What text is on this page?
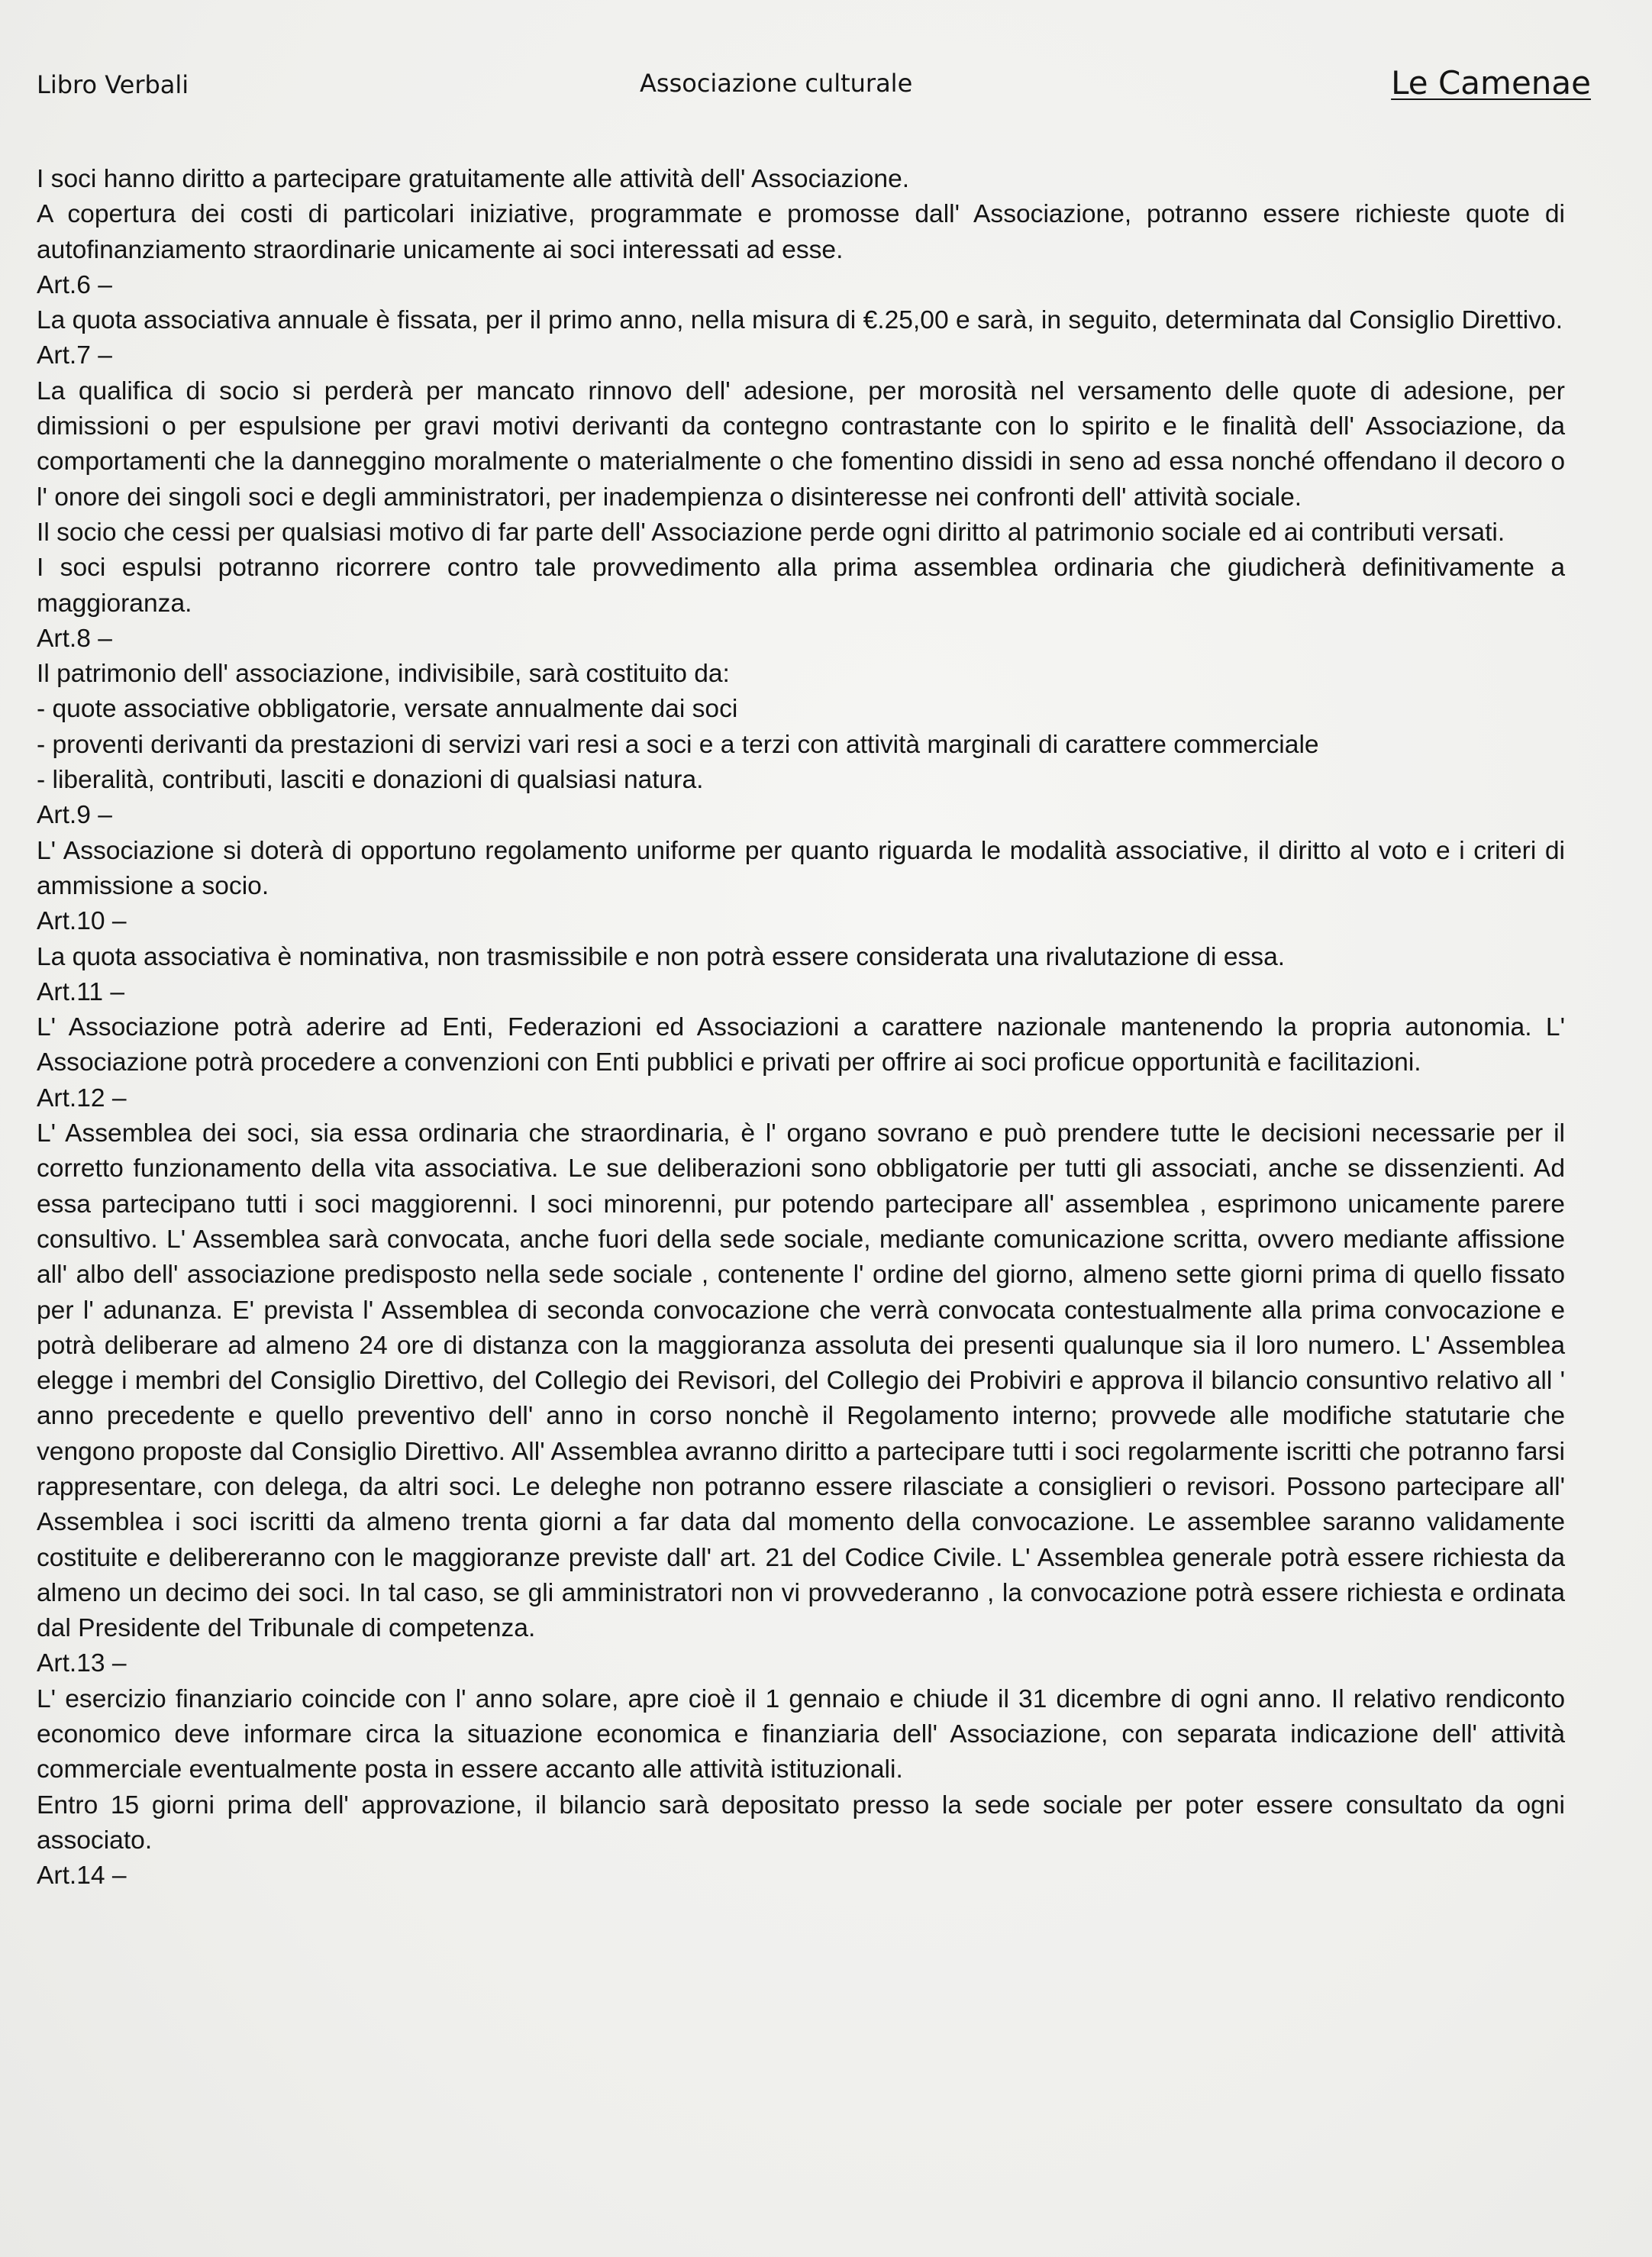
Libro Verbali	Associazione culturale	Le Camenae

I soci hanno diritto a partecipare gratuitamente alle attività dell' Associazione.

A copertura dei costi di particolari iniziative, programmate e promosse dall' Associazione, potranno essere richieste quote di autofinanziamento straordinarie unicamente ai soci interessati ad esse.

Art.6 –

La quota associativa annuale è fissata, per il primo anno, nella misura di €.25,00 e sarà, in seguito, determinata dal Consiglio Direttivo.

Art.7 –

La qualifica di socio si perderà per mancato rinnovo dell' adesione, per morosità nel versamento delle quote di adesione, per dimissioni o per espulsione per gravi motivi derivanti da contegno contrastante con lo spirito e le finalità dell' Associazione, da comportamenti che la danneggino moralmente o materialmente o che fomentino dissidi in seno ad essa nonché offendano il decoro o l' onore dei singoli soci e degli amministratori, per inadempienza o disinteresse nei confronti dell' attività sociale.

Il socio che cessi per qualsiasi motivo di far parte dell' Associazione perde ogni diritto al patrimonio sociale ed ai contributi versati.

I soci espulsi potranno ricorrere contro tale provvedimento alla prima assemblea ordinaria che giudicherà definitivamente a maggioranza.

Art.8 –

Il patrimonio dell' associazione, indivisibile, sarà costituito da:

- quote associative obbligatorie, versate annualmente dai soci

- proventi derivanti da prestazioni di servizi vari resi a soci e a terzi con attività marginali di carattere commerciale

- liberalità, contributi, lasciti e donazioni di qualsiasi natura.

Art.9 –

L' Associazione si doterà di opportuno regolamento uniforme per quanto riguarda le modalità associative, il diritto al voto e i criteri di ammissione a socio.

Art.10 –

La quota associativa è nominativa, non trasmissibile e non potrà essere considerata una rivalutazione di essa.

Art.11 –

L' Associazione potrà aderire ad Enti, Federazioni ed Associazioni a carattere nazionale mantenendo la propria autonomia. L' Associazione potrà procedere a convenzioni con Enti pubblici e privati per offrire ai soci proficue opportunità e facilitazioni.

Art.12 –

L' Assemblea dei soci, sia essa ordinaria che straordinaria, è l' organo sovrano e può prendere tutte le decisioni necessarie per il corretto funzionamento della vita associativa. Le sue deliberazioni sono obbligatorie per tutti gli associati, anche se dissenzienti. Ad essa partecipano tutti i soci maggiorenni. I soci minorenni, pur potendo partecipare all' assemblea , esprimono unicamente parere consultivo. L' Assemblea sarà convocata, anche fuori della sede sociale, mediante comunicazione scritta, ovvero mediante affissione all' albo dell' associazione predisposto nella sede sociale , contenente l' ordine del giorno, almeno sette giorni prima di quello fissato per l' adunanza. E' prevista l' Assemblea di seconda convocazione che verrà convocata contestualmente alla prima convocazione e potrà deliberare ad almeno 24 ore di distanza con la maggioranza assoluta dei presenti qualunque sia il loro numero. L' Assemblea elegge i membri del Consiglio Direttivo, del Collegio dei Revisori, del Collegio dei Probiviri e approva il bilancio consuntivo relativo all ' anno precedente e quello preventivo dell' anno in corso nonchè il Regolamento interno; provvede alle modifiche statutarie che vengono proposte dal Consiglio Direttivo. All' Assemblea avranno diritto a partecipare tutti i soci regolarmente iscritti che potranno farsi rappresentare, con delega, da altri soci. Le deleghe non potranno essere rilasciate a consiglieri o revisori. Possono partecipare all' Assemblea i soci iscritti da almeno trenta giorni a far data dal momento della convocazione. Le assemblee saranno validamente costituite e delibereranno con le maggioranze previste dall' art. 21 del Codice Civile. L' Assemblea generale potrà essere richiesta da almeno un decimo dei soci. In tal caso, se gli amministratori non vi provvederanno , la convocazione potrà essere richiesta e ordinata dal Presidente del Tribunale di competenza.

Art.13 –

L' esercizio finanziario coincide con l' anno solare, apre cioè il 1 gennaio e chiude il 31 dicembre di ogni anno. Il relativo rendiconto economico deve informare circa la situazione economica e finanziaria dell' Associazione, con separata indicazione dell' attività commerciale eventualmente posta in essere accanto alle attività istituzionali.

Entro 15 giorni prima dell' approvazione, il bilancio sarà depositato presso la sede sociale per poter essere consultato da ogni associato.

Art.14 –
